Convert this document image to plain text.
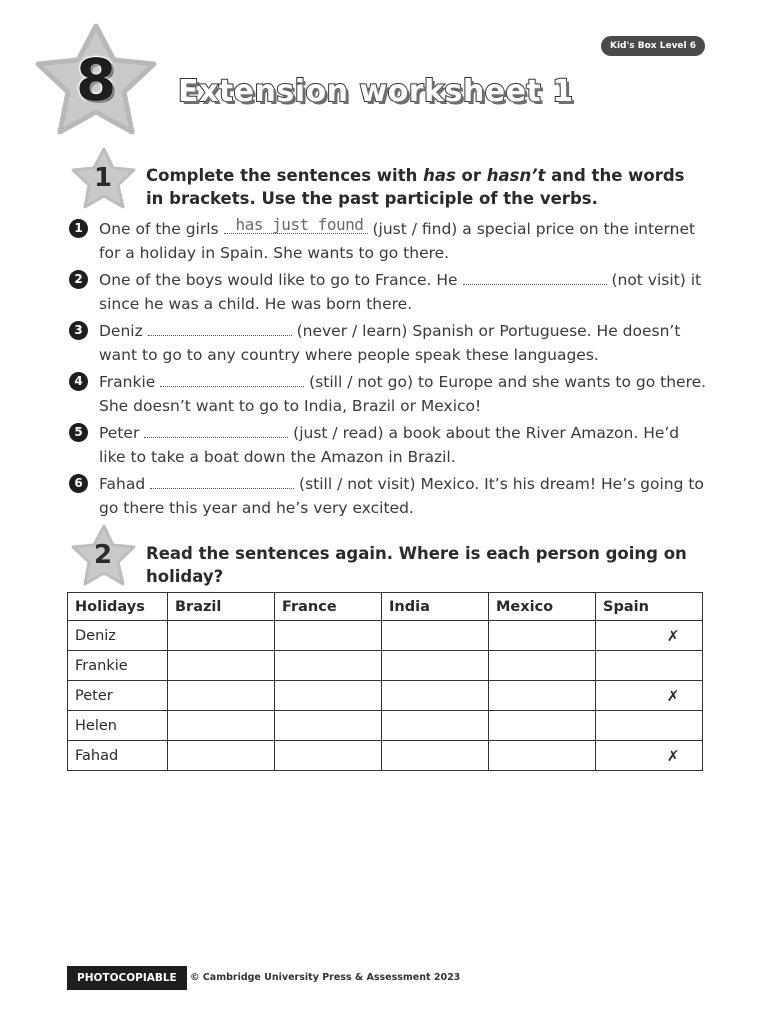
8	Extension worksheet 1
Kid's Box Level 6
1	Complete the sentences with has or hasn’t and the words in brackets. Use the past participle of the verbs.
1	One of the girls has just found (just / find) a special price on the internet for a holiday in Spain. She wants to go there.
2	One of the boys would like to go to France. He	(not visit) it since he was a child. He was born there.
3	Deniz	(never / learn) Spanish or Portuguese. He doesn’t want to go to any country where people speak these languages.
4	Frankie	(still / not go) to Europe and she wants to go there. She doesn’t want to go to India, Brazil or Mexico!
5	Peter	(just / read) a book about the River Amazon. He’d like to take a boat down the Amazon in Brazil.
6	Fahad	(still / not visit) Mexico. It’s his dream! He’s going to go there this year and he’s very excited.
2	Read the sentences again. Where is each person going on holiday?
Holidays	Brazil	France	India	Mexico	Spain
Deniz					✗
Frankie					
Peter					✗
Helen					
Fahad					✗
PHOTOCOPIABLE	© Cambridge University Press & Assessment 2023
